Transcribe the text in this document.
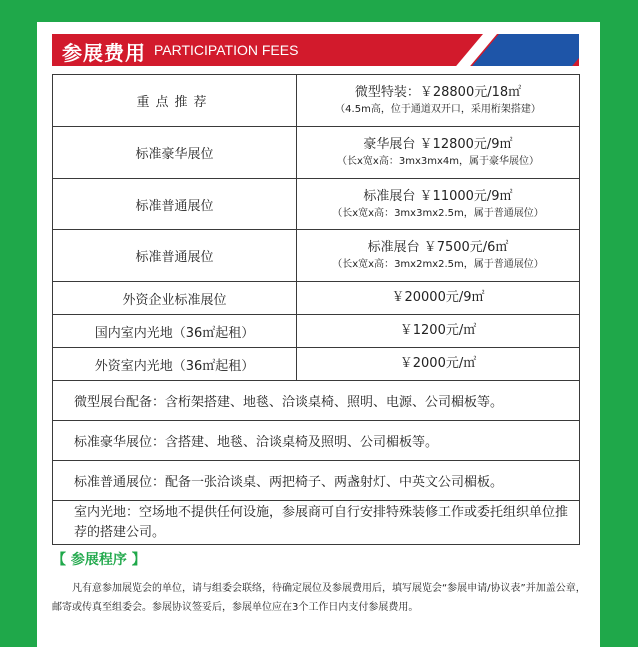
参展费用 PARTICIPATION FEES
重点推荐	微型特装：￥28800元/18㎡
（4.5m高，位于通道双开口，采用桁架搭建）

标准豪华展位	豪华展台 ￥12800元/9㎡
（长x宽x高：3mx3mx4m，属于豪华展位）

标准普通展位	标准展台 ￥11000元/9㎡
（长x宽x高：3mx3mx2.5m，属于普通展位）

标准普通展位	标准展台 ￥7500元/6㎡
（长x宽x高：3mx2mx2.5m，属于普通展位）

外资企业标准展位	￥20000元/9㎡
国内室内光地（36㎡起租）	￥1200元/㎡
外资室内光地（36㎡起租）	￥2000元/㎡
微型展台配备：含桁架搭建、地毯、洽谈桌椅、照明、电源、公司楣板等。	
标准豪华展位：含搭建、地毯、洽谈桌椅及照明、公司楣板等。	
标准普通展位：配备一张洽谈桌、两把椅子、两盏射灯、中英文公司楣板。	
室内光地：空场地不提供任何设施，参展商可自行安排特殊装修工作或委托组织单位推荐的搭建公司。	
【 参展程序 】
凡有意参加展览会的单位，请与组委会联络，待确定展位及参展费用后，填写展览会“参展申请/协议表”并加盖公章，邮寄或传真至组委会。参展协议签妥后，参展单位应在3个工作日内支付参展费用。
